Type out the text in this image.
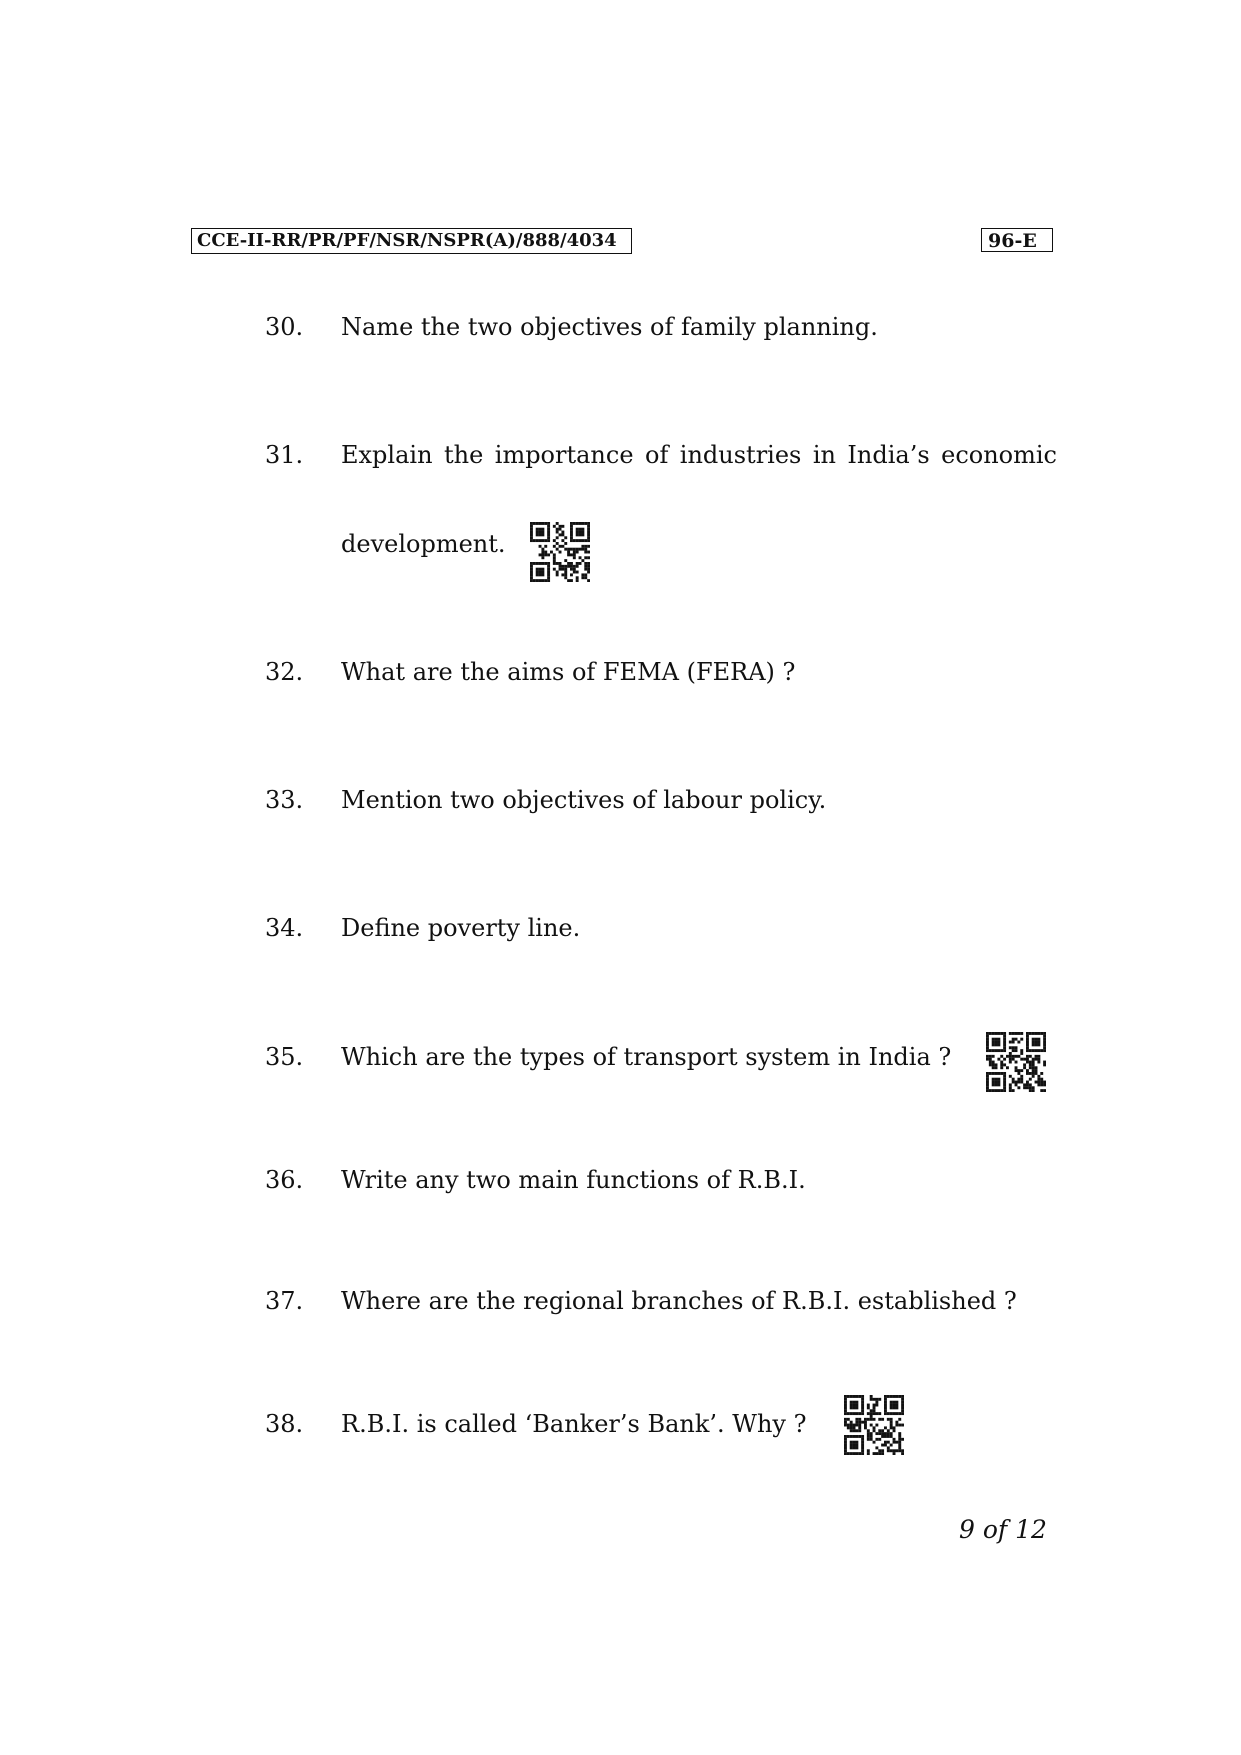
CCE-II-RR/PR/PF/NSR/NSPR(A)/888/4034	96-E
30. Name the two objectives of family planning.
31. Explain the importance of industries in India’s economic
development.
32. What are the aims of FEMA (FERA) ?
33. Mention two objectives of labour policy.
34. Define poverty line.
35. Which are the types of transport system in India ?
36. Write any two main functions of R.B.I.
37. Where are the regional branches of R.B.I. established ?
38. R.B.I. is called ‘Banker’s Bank’. Why ?
9 of 12
